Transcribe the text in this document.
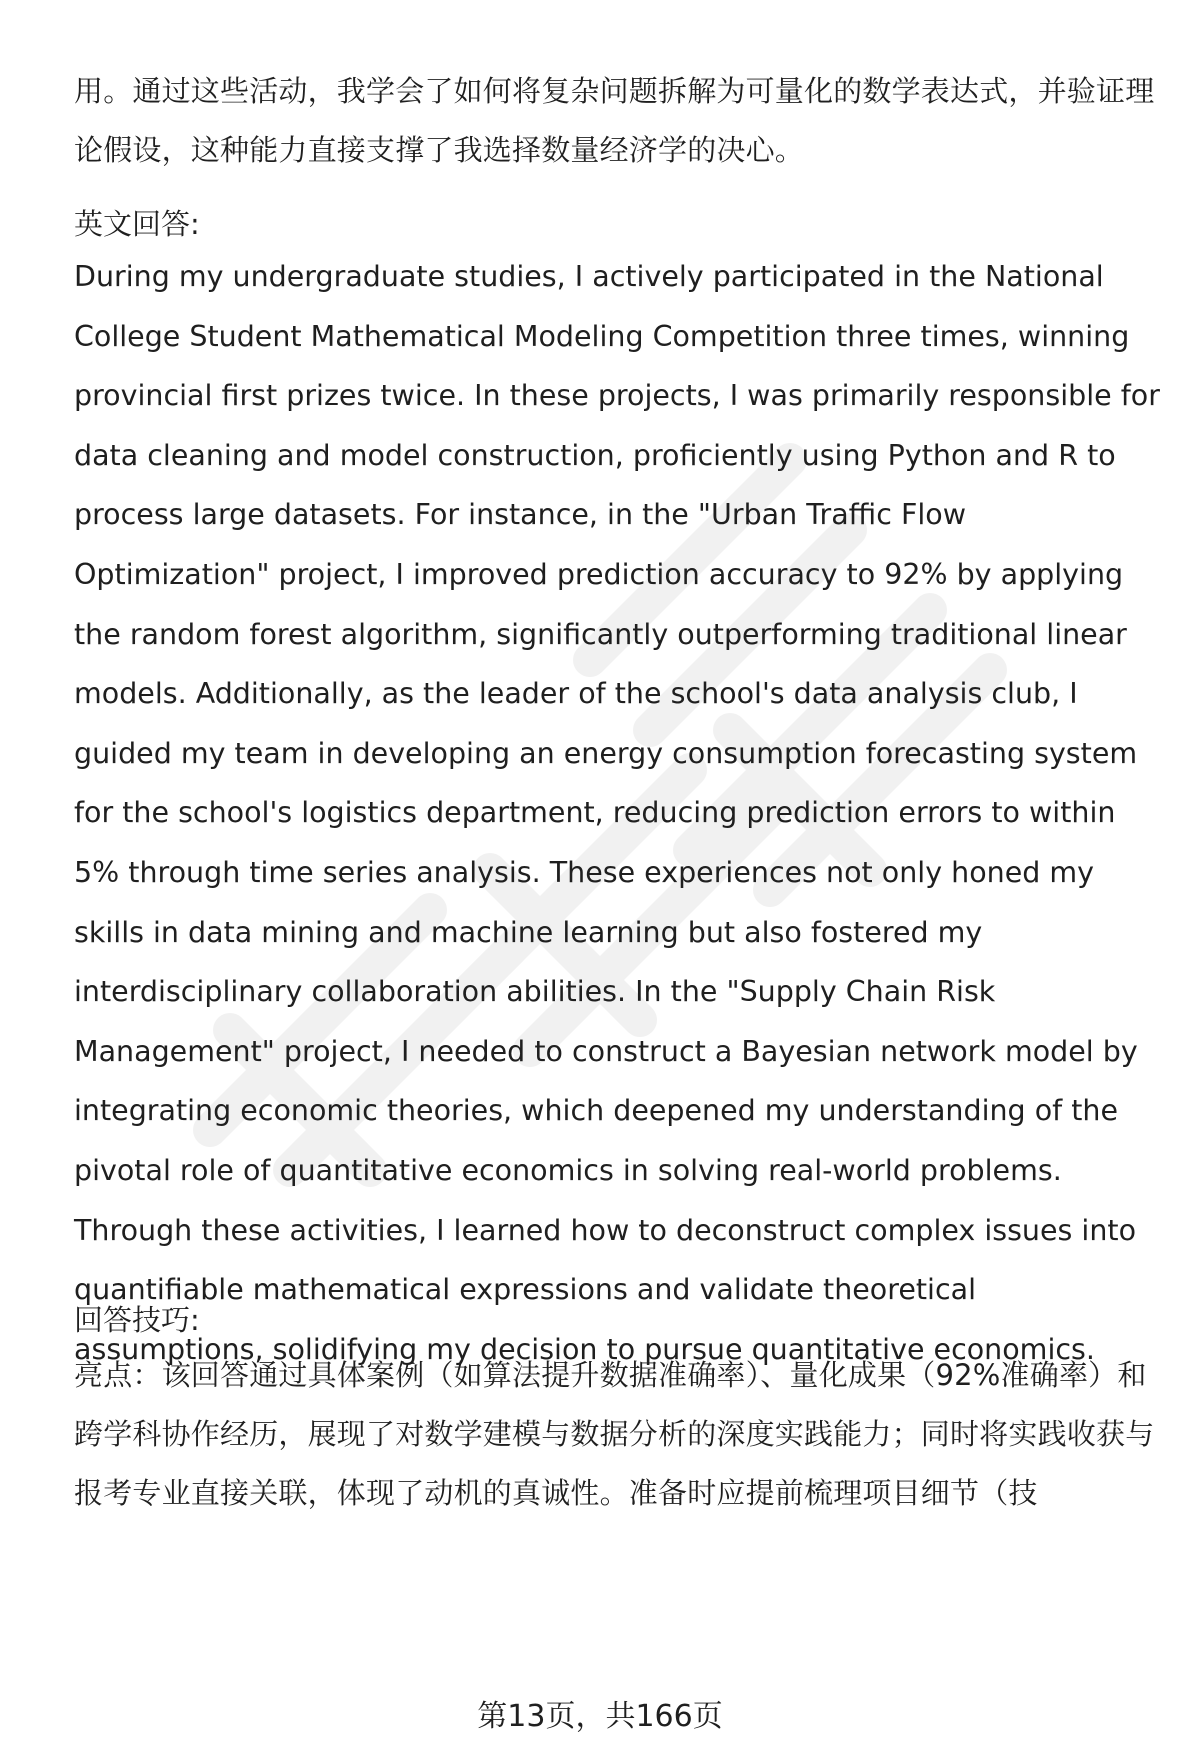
用。通过这些活动，我学会了如何将复杂问题拆解为可量化的数学表达式，并验证理论假设，这种能力直接支撑了我选择数量经济学的决心。

英文回答:

During my undergraduate studies, I actively participated in the National College Student Mathematical Modeling Competition three times, winning provincial first prizes twice. In these projects, I was primarily responsible for data cleaning and model construction, proficiently using Python and R to process large datasets. For instance, in the "Urban Traffic Flow Optimization" project, I improved prediction accuracy to 92% by applying the random forest algorithm, significantly outperforming traditional linear models. Additionally, as the leader of the school's data analysis club, I guided my team in developing an energy consumption forecasting system for the school's logistics department, reducing prediction errors to within 5% through time series analysis. These experiences not only honed my skills in data mining and machine learning but also fostered my interdisciplinary collaboration abilities. In the "Supply Chain Risk Management" project, I needed to construct a Bayesian network model by integrating economic theories, which deepened my understanding of the pivotal role of quantitative economics in solving real-world problems. Through these activities, I learned how to deconstruct complex issues into quantifiable mathematical expressions and validate theoretical assumptions, solidifying my decision to pursue quantitative economics.

回答技巧:

亮点：该回答通过具体案例（如算法提升数据准确率）、量化成果（92%准确率）和跨学科协作经历，展现了对数学建模与数据分析的深度实践能力；同时将实践收获与报考专业直接关联，体现了动机的真诚性。准备时应提前梳理项目细节（技

第13页，共166页
